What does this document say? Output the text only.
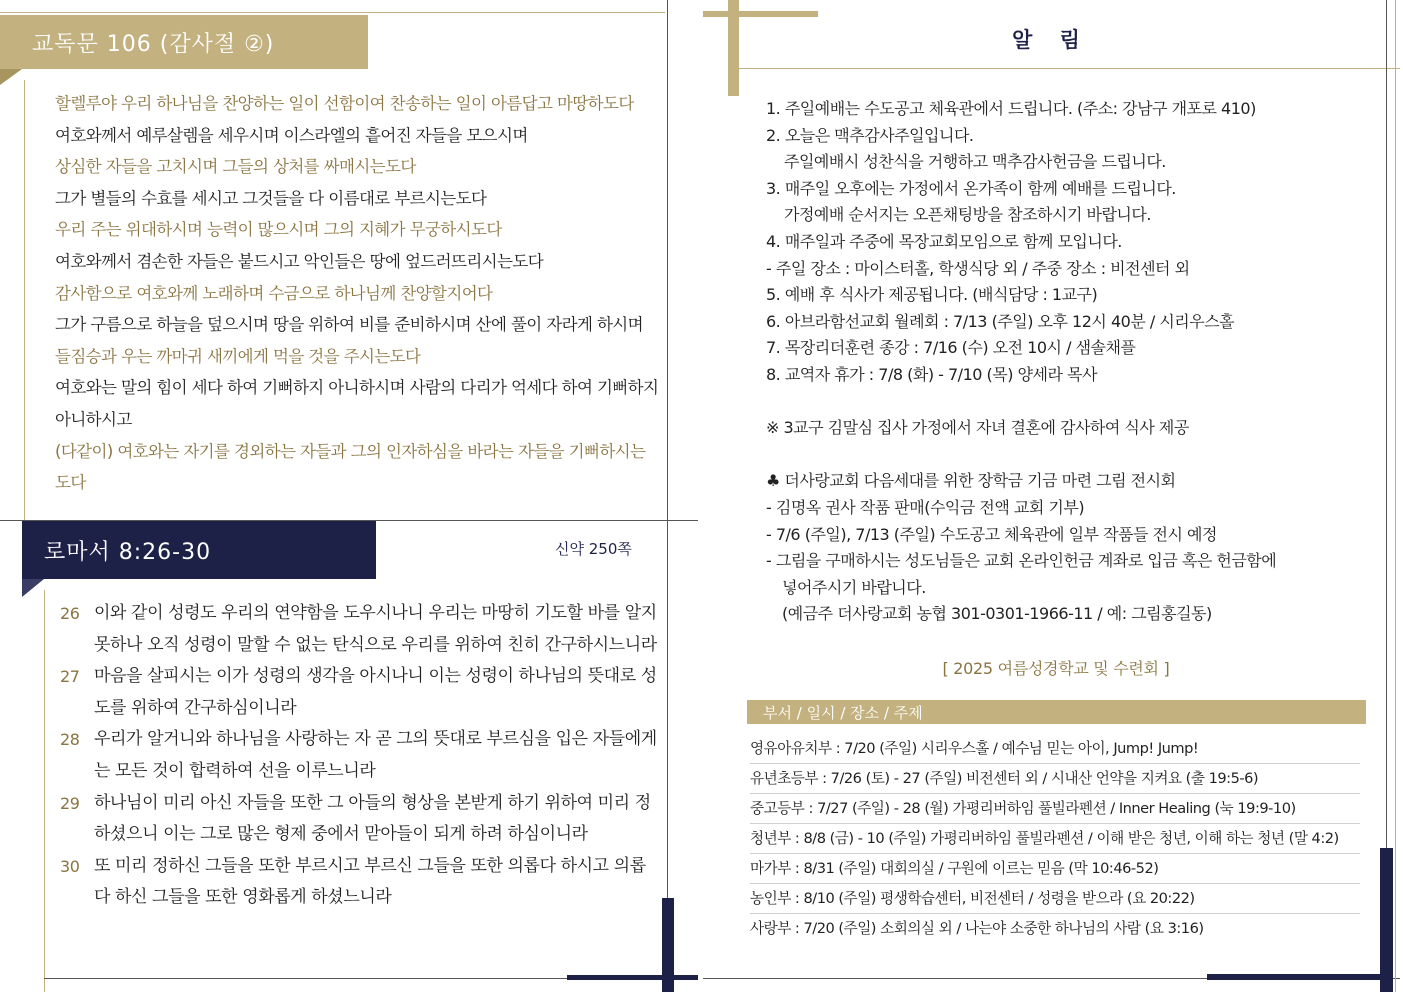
교독문 106 (감사절 ②)

할렐루야 우리 하나님을 찬양하는 일이 선함이여 찬송하는 일이 아름답고 마땅하도다

여호와께서 예루살렘을 세우시며 이스라엘의 흩어진 자들을 모으시며

상심한 자들을 고치시며 그들의 상처를 싸매시는도다

그가 별들의 수효를 세시고 그것들을 다 이름대로 부르시는도다

우리 주는 위대하시며 능력이 많으시며 그의 지혜가 무궁하시도다

여호와께서 겸손한 자들은 붙드시고 악인들은 땅에 엎드러뜨리시는도다

감사함으로 여호와께 노래하며 수금으로 하나님께 찬양할지어다

그가 구름으로 하늘을 덮으시며 땅을 위하여 비를 준비하시며 산에 풀이 자라게 하시며

들짐승과 우는 까마귀 새끼에게 먹을 것을 주시는도다

여호와는 말의 힘이 세다 하여 기뻐하지 아니하시며 사람의 다리가 억세다 하여 기뻐하지 아니하시고

(다같이) 여호와는 자기를 경외하는 자들과 그의 인자하심을 바라는 자들을 기뻐하시는도다

로마서 8:26-30	신약 250쪽
26 이와 같이 성령도 우리의 연약함을 도우시나니 우리는 마땅히 기도할 바를 알지 못하나 오직 성령이 말할 수 없는 탄식으로 우리를 위하여 친히 간구하시느니라
27 마음을 살피시는 이가 성령의 생각을 아시나니 이는 성령이 하나님의 뜻대로 성도를 위하여 간구하심이니라
28 우리가 알거니와 하나님을 사랑하는 자 곧 그의 뜻대로 부르심을 입은 자들에게는 모든 것이 합력하여 선을 이루느니라
29 하나님이 미리 아신 자들을 또한 그 아들의 형상을 본받게 하기 위하여 미리 정하셨으니 이는 그로 많은 형제 중에서 맏아들이 되게 하려 하심이니라
30 또 미리 정하신 그들을 또한 부르시고 부르신 그들을 또한 의롭다 하시고 의롭다 하신 그들을 또한 영화롭게 하셨느니라
알 림

1. 주일예배는 수도공고 체육관에서 드립니다. (주소: 강남구 개포로 410)

2. 오늘은 맥추감사주일입니다.

주일예배시 성찬식을 거행하고 맥추감사헌금을 드립니다.

3. 매주일 오후에는 가정에서 온가족이 함께 예배를 드립니다.

가정예배 순서지는 오픈채팅방을 참조하시기 바랍니다.

4. 매주일과 주중에 목장교회모임으로 함께 모입니다.

- 주일 장소 : 마이스터홀, 학생식당 외 / 주중 장소 : 비전센터 외

5. 예배 후 식사가 제공됩니다. (배식담당 : 1교구)

6. 아브라함선교회 월례회 : 7/13 (주일) 오후 12시 40분 / 시리우스홀

7. 목장리더훈련 종강 : 7/16 (수) 오전 10시 / 샘솔채플

8. 교역자 휴가 : 7/8 (화) - 7/10 (목) 양세라 목사

※ 3교구 김말심 집사 가정에서 자녀 결혼에 감사하여 식사 제공

♣ 더사랑교회 다음세대를 위한 장학금 기금 마련 그림 전시회

- 김명옥 권사 작품 판매(수익금 전액 교회 기부)

- 7/6 (주일), 7/13 (주일) 수도공고 체육관에 일부 작품들 전시 예정

- 그림을 구매하시는 성도님들은 교회 온라인헌금 계좌로 입금 혹은 헌금함에

넣어주시기 바랍니다.

(예금주 더사랑교회 농협 301-0301-1966-11 / 예: 그림홍길동)

[ 2025 여름성경학교 및 수련회 ]
부서 / 일시 / 장소 / 주제
영유아유치부 : 7/20 (주일) 시리우스홀 / 예수님 믿는 아이, Jump! Jump!
유년초등부 : 7/26 (토) - 27 (주일) 비전센터 외 / 시내산 언약을 지켜요 (출 19:5-6)
중고등부 : 7/27 (주일) - 28 (월) 가평리버하임 풀빌라펜션 / Inner Healing (눅 19:9-10)
청년부 : 8/8 (금) - 10 (주일) 가평리버하임 풀빌라펜션 / 이해 받은 청년, 이해 하는 청년 (말 4:2)
마가부 : 8/31 (주일) 대회의실 / 구원에 이르는 믿음 (막 10:46-52)
농인부 : 8/10 (주일) 평생학습센터, 비전센터 / 성령을 받으라 (요 20:22)
사랑부 : 7/20 (주일) 소회의실 외 / 나는야 소중한 하나님의 사람 (요 3:16)
